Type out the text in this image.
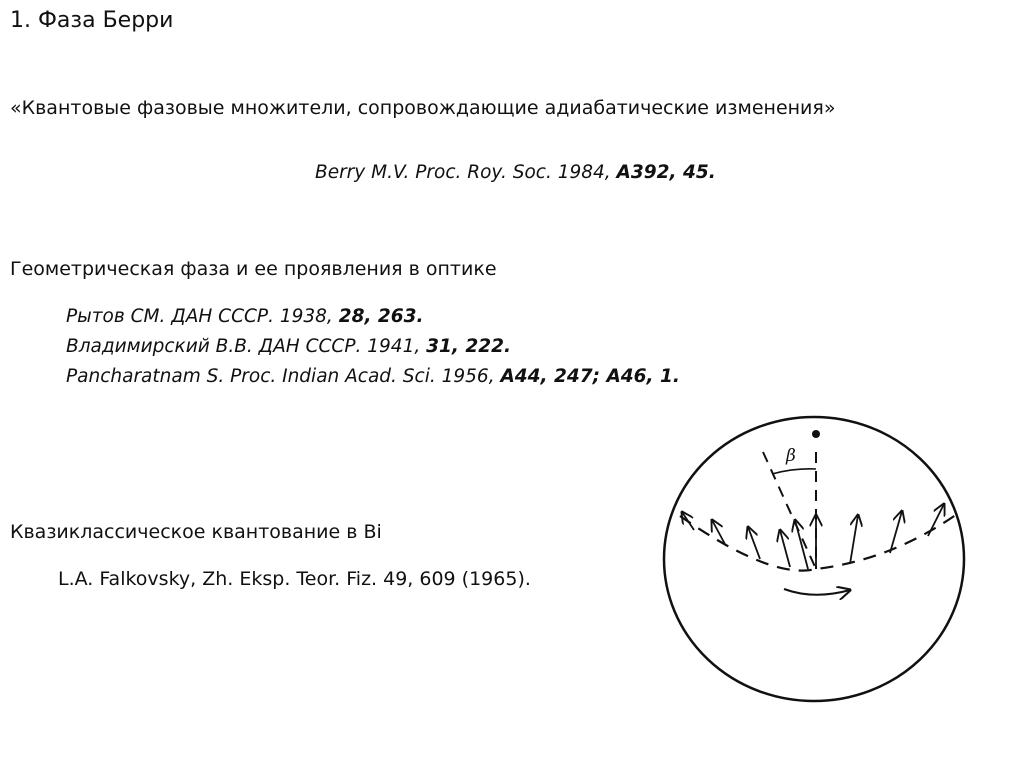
1. Фаза Берри
«Квантовые фазовые множители, сопровождающие адиабатические изменения»
Berry M.V. Proc. Roy. Soc. 1984, A392, 45.
Геометрическая фаза и ее проявления в оптике
Рытов СМ. ДАН СССР. 1938, 28, 263.
Владимирский В.В. ДАН СССР. 1941, 31, 222.
Pancharatnam S. Proc. Indian Acad. Sci. 1956, A44, 247; A46, 1.
Квазиклассическое квантование в Bi
L.A. Falkovsky, Zh. Eksp. Teor. Fiz. 49, 609 (1965).
β
